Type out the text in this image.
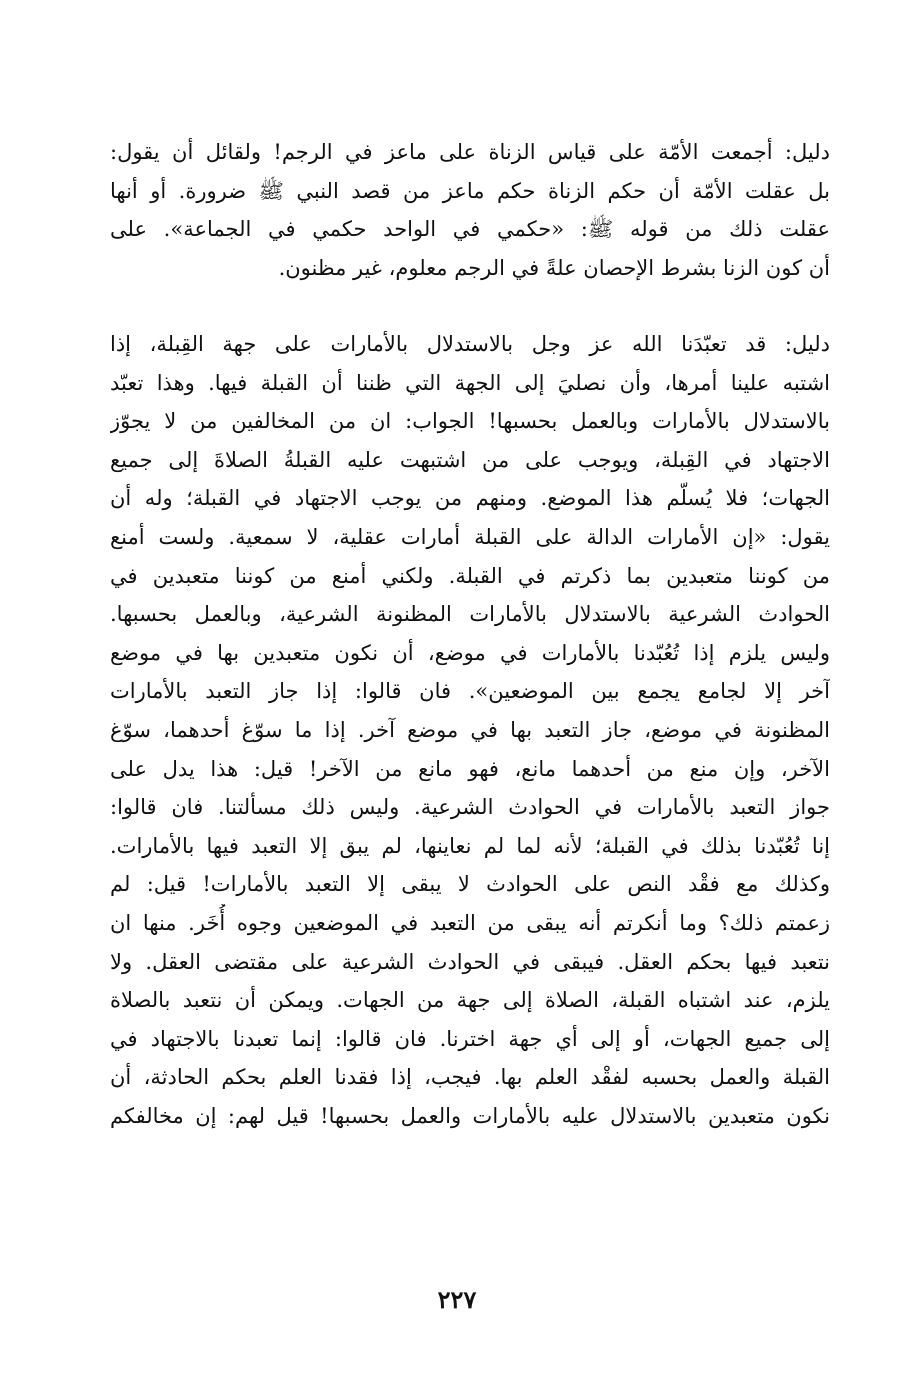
دليل: أجمعت الأمّة على قياس الزناة على ماعز في الرجم! ولقائل أن يقول:
بل عقلت الأمّة أن حكم الزناة حكم ماعز من قصد النبي ﷺ ضرورة. أو أنها
عقلت ذلك من قوله ﷺ: «حكمي في الواحد حكمي في الجماعة». على
أن كون الزنا بشرط الإحصان علةً في الرجم معلوم، غير مظنون.
دليل: قد تعبّدَنا الله عز وجل بالاستدلال بالأمارات على جهة القِبلة، إذا
اشتبه علينا أمرها، وأن نصليَ إلى الجهة التي ظننا أن القبلة فيها. وهذا تعبّد
بالاستدلال بالأمارات وبالعمل بحسبها! الجواب: ان من المخالفين من لا يجوّز
الاجتهاد في القِبلة، ويوجب على من اشتبهت عليه القبلةُ الصلاةَ إلى جميع
الجهات؛ فلا يُسلّم هذا الموضع. ومنهم من يوجب الاجتهاد في القبلة؛ وله أن
يقول: «إن الأمارات الدالة على القبلة أمارات عقلية، لا سمعية. ولست أمنع
من كوننا متعبدين بما ذكرتم في القبلة. ولكني أمنع من كوننا متعبدين في
الحوادث الشرعية بالاستدلال بالأمارات المظنونة الشرعية، وبالعمل بحسبها.
وليس يلزم إذا تُعُبّدنا بالأمارات في موضع، أن نكون متعبدين بها في موضع
آخر إلا لجامع يجمع بين الموضعين». فان قالوا: إذا جاز التعبد بالأمارات
المظنونة في موضع، جاز التعبد بها في موضع آخر. إذا ما سوّغ أحدهما، سوّغ
الآخر، وإن منع من أحدهما مانع، فهو مانع من الآخر! قيل: هذا يدل على
جواز التعبد بالأمارات في الحوادث الشرعية. وليس ذلك مسألتنا. فان قالوا:
إنا تُعُبّدنا بذلك في القبلة؛ لأنه لما لم نعاينها، لم يبق إلا التعبد فيها بالأمارات.
وكذلك مع فقْد النص على الحوادث لا يبقى إلا التعبد بالأمارات! قيل: لم
زعمتم ذلك؟ وما أنكرتم أنه يبقى من التعبد في الموضعين وجوه أُخَر. منها ان
نتعبد فيها بحكم العقل. فيبقى في الحوادث الشرعية على مقتضى العقل. ولا
يلزم، عند اشتباه القبلة، الصلاة إلى جهة من الجهات. ويمكن أن نتعبد بالصلاة
إلى جميع الجهات، أو إلى أي جهة اخترنا. فان قالوا: إنما تعبدنا بالاجتهاد في
القبلة والعمل بحسبه لفقْد العلم بها. فيجب، إذا فقدنا العلم بحكم الحادثة، أن
نكون متعبدين بالاستدلال عليه بالأمارات والعمل بحسبها! قيل لهم: إن مخالفكم
٢٢٧
